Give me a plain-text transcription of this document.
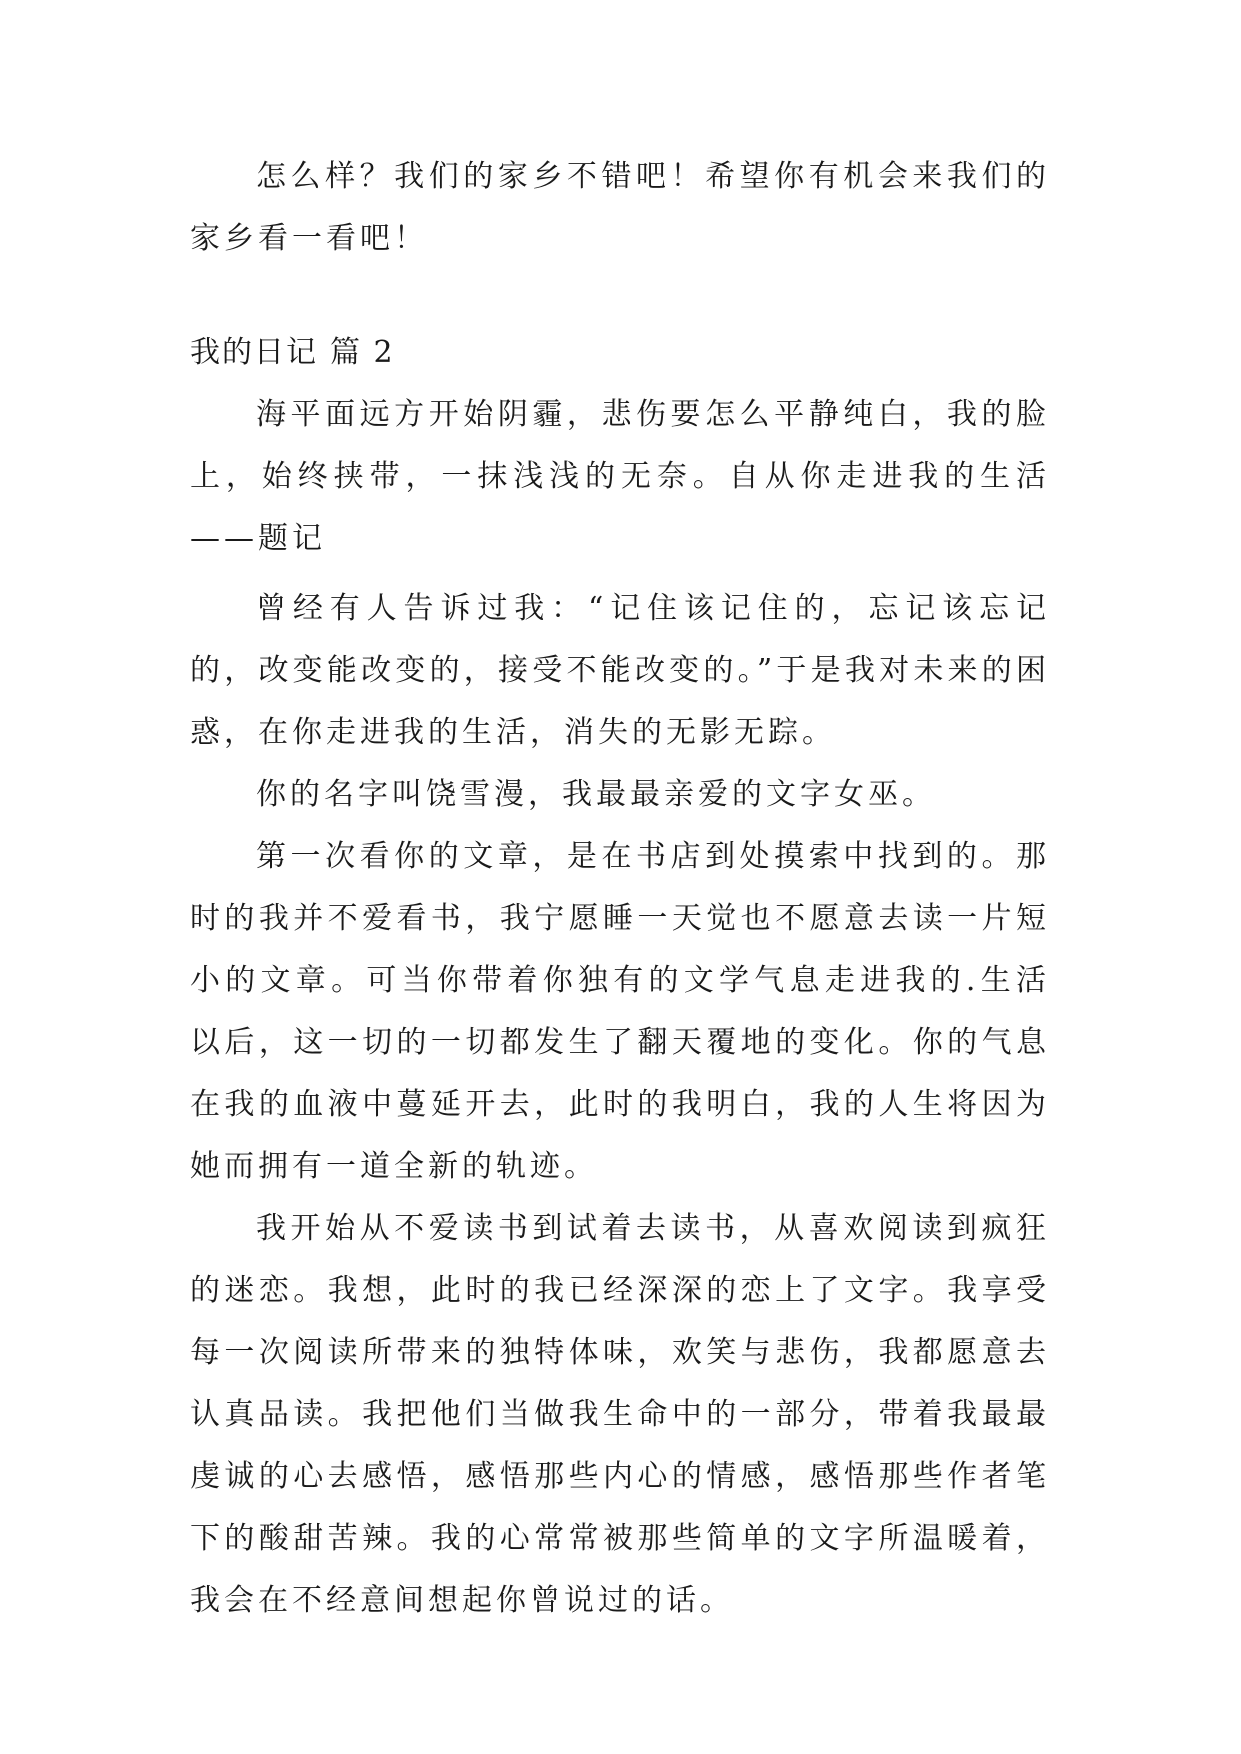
怎么样？我们的家乡不错吧！希望你有机会来我们的家乡看一看吧！

我的日记 篇 2

海平面远方开始阴霾，悲伤要怎么平静纯白，我的脸上，始终挟带，一抹浅浅的无奈。自从你走进我的生活 ——题记

曾经有人告诉过我：“记住该记住的，忘记该忘记的，改变能改变的，接受不能改变的。”于是我对未来的困惑，在你走进我的生活，消失的无影无踪。

你的名字叫饶雪漫，我最最亲爱的文字女巫。

第一次看你的文章，是在书店到处摸索中找到的。那时的我并不爱看书，我宁愿睡一天觉也不愿意去读一片短小的文章。可当你带着你独有的文学气息走进我的.生活以后，这一切的一切都发生了翻天覆地的变化。你的气息在我的血液中蔓延开去，此时的我明白，我的人生将因为她而拥有一道全新的轨迹。

我开始从不爱读书到试着去读书，从喜欢阅读到疯狂的迷恋。我想，此时的我已经深深的恋上了文字。我享受每一次阅读所带来的独特体味，欢笑与悲伤，我都愿意去认真品读。我把他们当做我生命中的一部分，带着我最最虔诚的心去感悟，感悟那些内心的情感，感悟那些作者笔下的酸甜苦辣。我的心常常被那些简单的文字所温暖着，我会在不经意间想起你曾说过的话。
